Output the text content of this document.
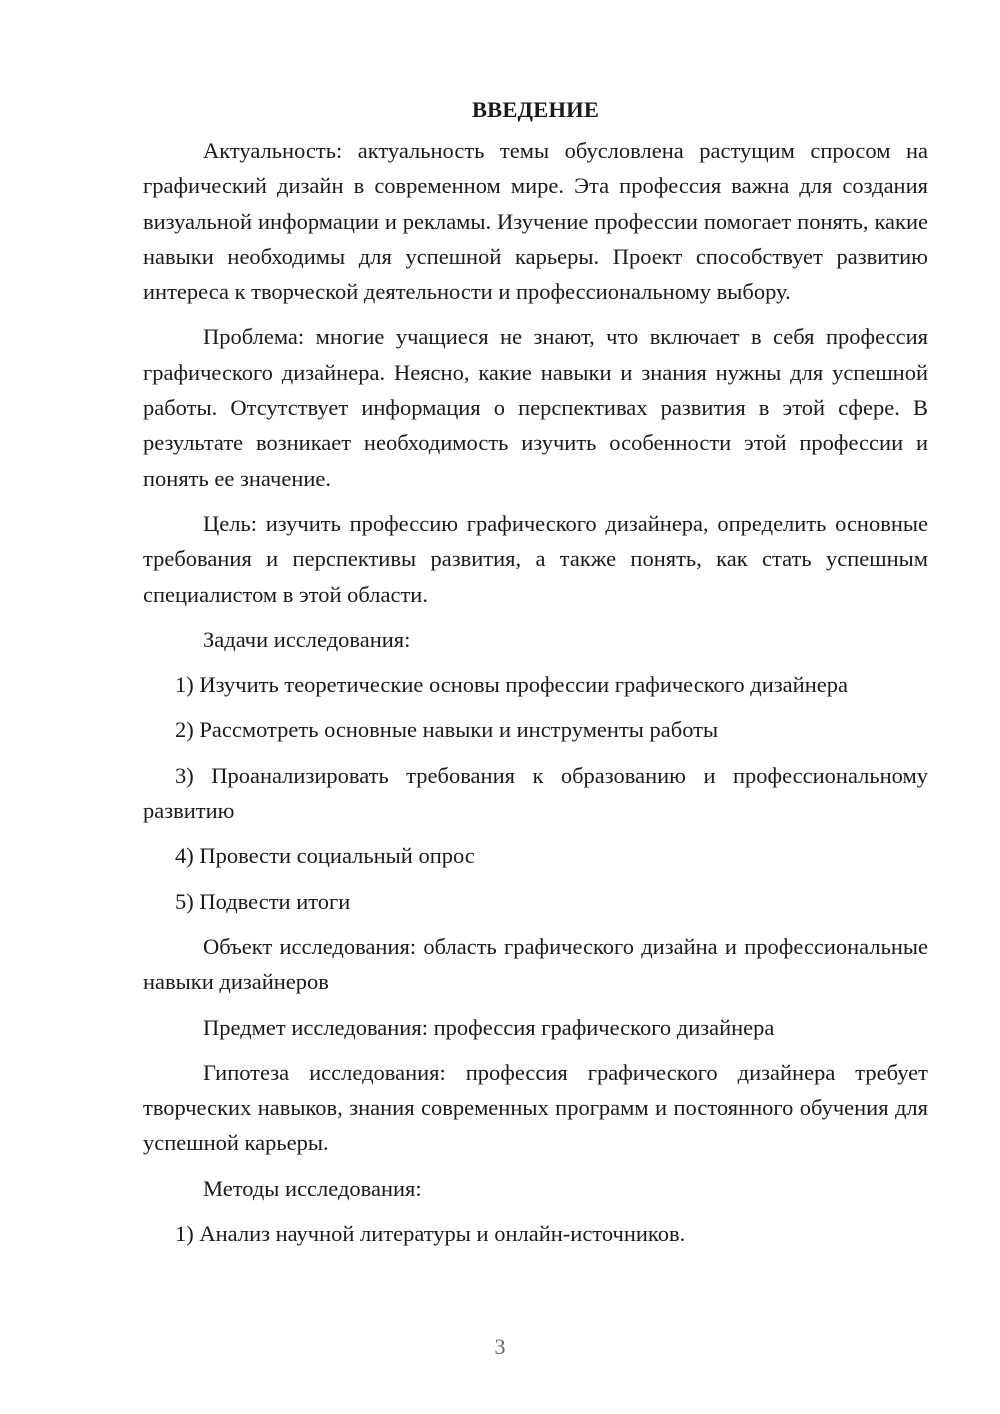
ВВЕДЕНИЕ

Актуальность: актуальность темы обусловлена растущим спросом на графический дизайн в современном мире. Эта профессия важна для создания визуальной информации и рекламы. Изучение профессии помогает понять, какие навыки необходимы для успешной карьеры. Проект способствует развитию интереса к творческой деятельности и профессиональному выбору.

Проблема: многие учащиеся не знают, что включает в себя профессия графического дизайнера. Неясно, какие навыки и знания нужны для успешной работы. Отсутствует информация о перспективах развития в этой сфере. В результате возникает необходимость изучить особенности этой профессии и понять ее значение.

Цель: изучить профессию графического дизайнера, определить основные требования и перспективы развития, а также понять, как стать успешным специалистом в этой области.

Задачи исследования:

1) Изучить теоретические основы профессии графического дизайнера

2) Рассмотреть основные навыки и инструменты работы

3) Проанализировать требования к образованию и профессиональному развитию

4) Провести социальный опрос

5) Подвести итоги

Объект исследования: область графического дизайна и профессиональные навыки дизайнеров

Предмет исследования: профессия графического дизайнера

Гипотеза исследования: профессия графического дизайнера требует творческих навыков, знания современных программ и постоянного обучения для успешной карьеры.

Методы исследования:

1) Анализ научной литературы и онлайн-источников.

3
